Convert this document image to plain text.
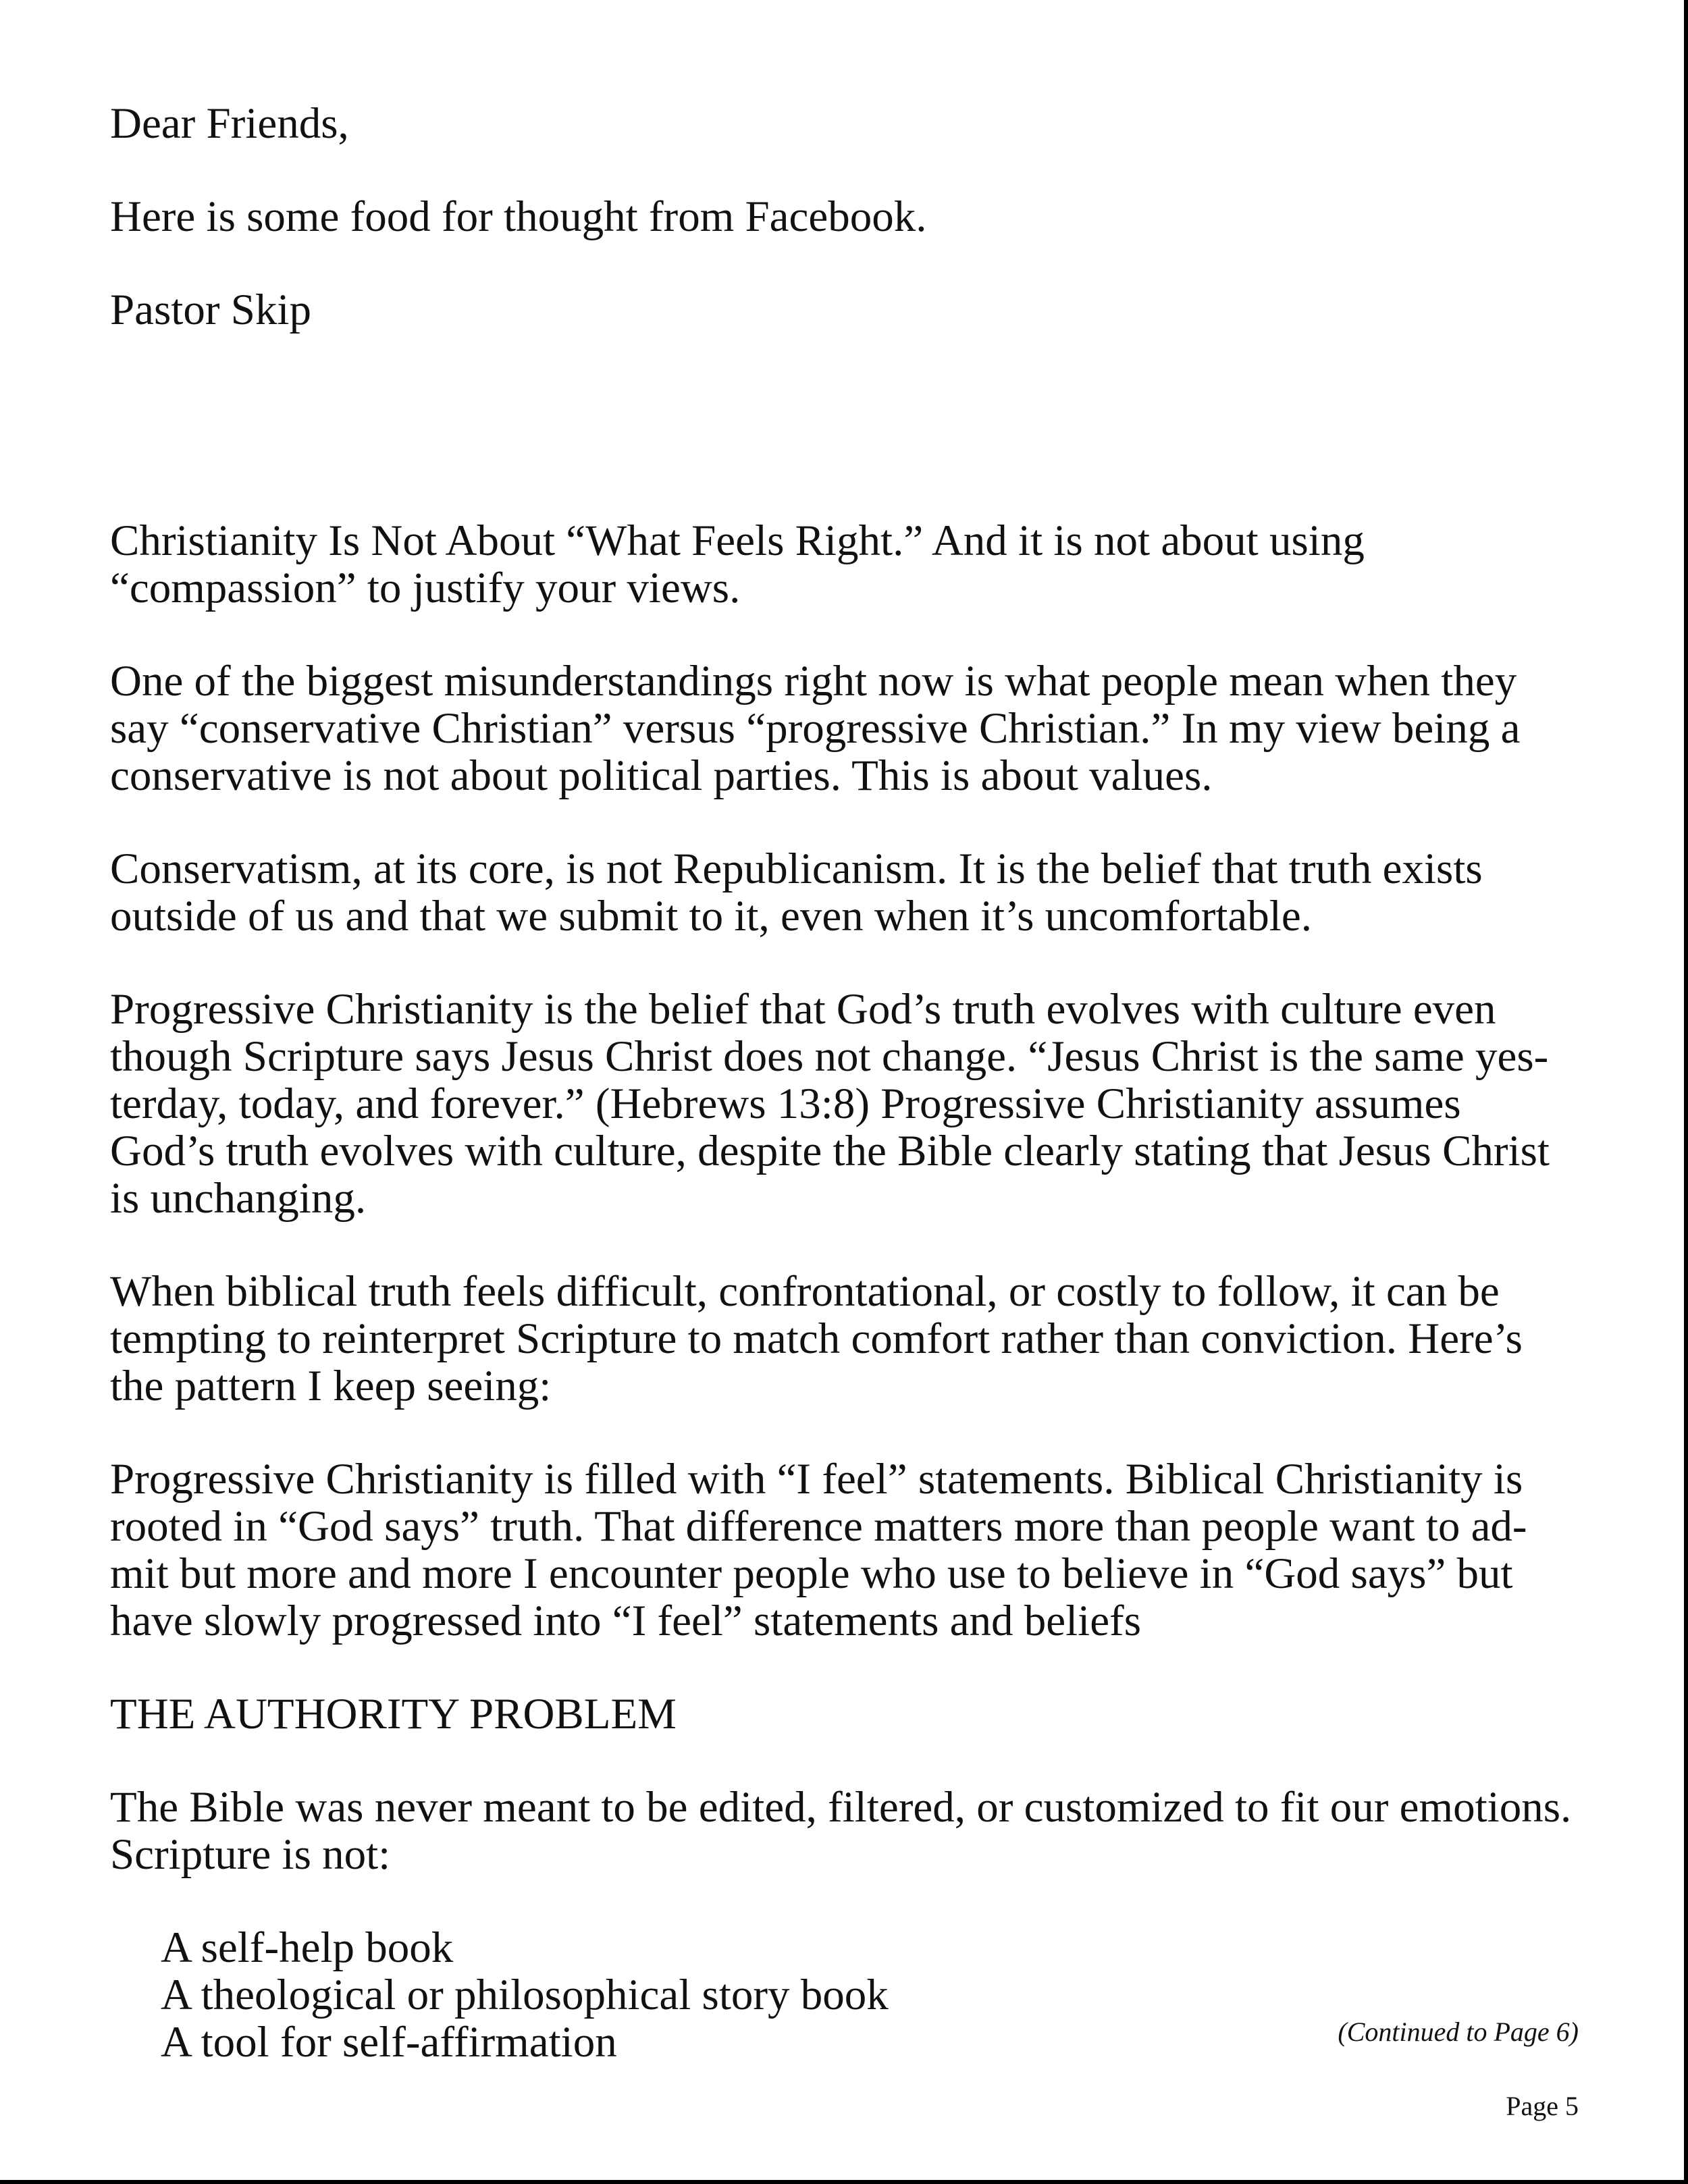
Dear Friends,
Here is some food for thought from Facebook.
Pastor Skip
Christianity Is Not About “What Feels Right.” And it is not about using
“compassion” to justify your views.
One of the biggest misunderstandings right now is what people mean when they
say “conservative Christian” versus “progressive Christian.” In my view being a
conservative is not about political parties. This is about values.
Conservatism, at its core, is not Republicanism. It is the belief that truth exists
outside of us and that we submit to it, even when it’s uncomfortable.
Progressive Christianity is the belief that God’s truth evolves with culture even
though Scripture says Jesus Christ does not change. “Jesus Christ is the same yes-
terday, today, and forever.” (Hebrews 13:8) Progressive Christianity assumes
God’s truth evolves with culture, despite the Bible clearly stating that Jesus Christ
is unchanging.
When biblical truth feels difficult, confrontational, or costly to follow, it can be
tempting to reinterpret Scripture to match comfort rather than conviction. Here’s
the pattern I keep seeing:
Progressive Christianity is filled with “I feel” statements. Biblical Christianity is
rooted in “God says” truth. That difference matters more than people want to ad-
mit but more and more I encounter people who use to believe in “God says” but
have slowly progressed into “I feel” statements and beliefs
THE AUTHORITY PROBLEM
The Bible was never meant to be edited, filtered, or customized to fit our emotions.
Scripture is not:
A self-help book
A theological or philosophical story book
A tool for self-affirmation	(Continued to Page 6)
Page 5
